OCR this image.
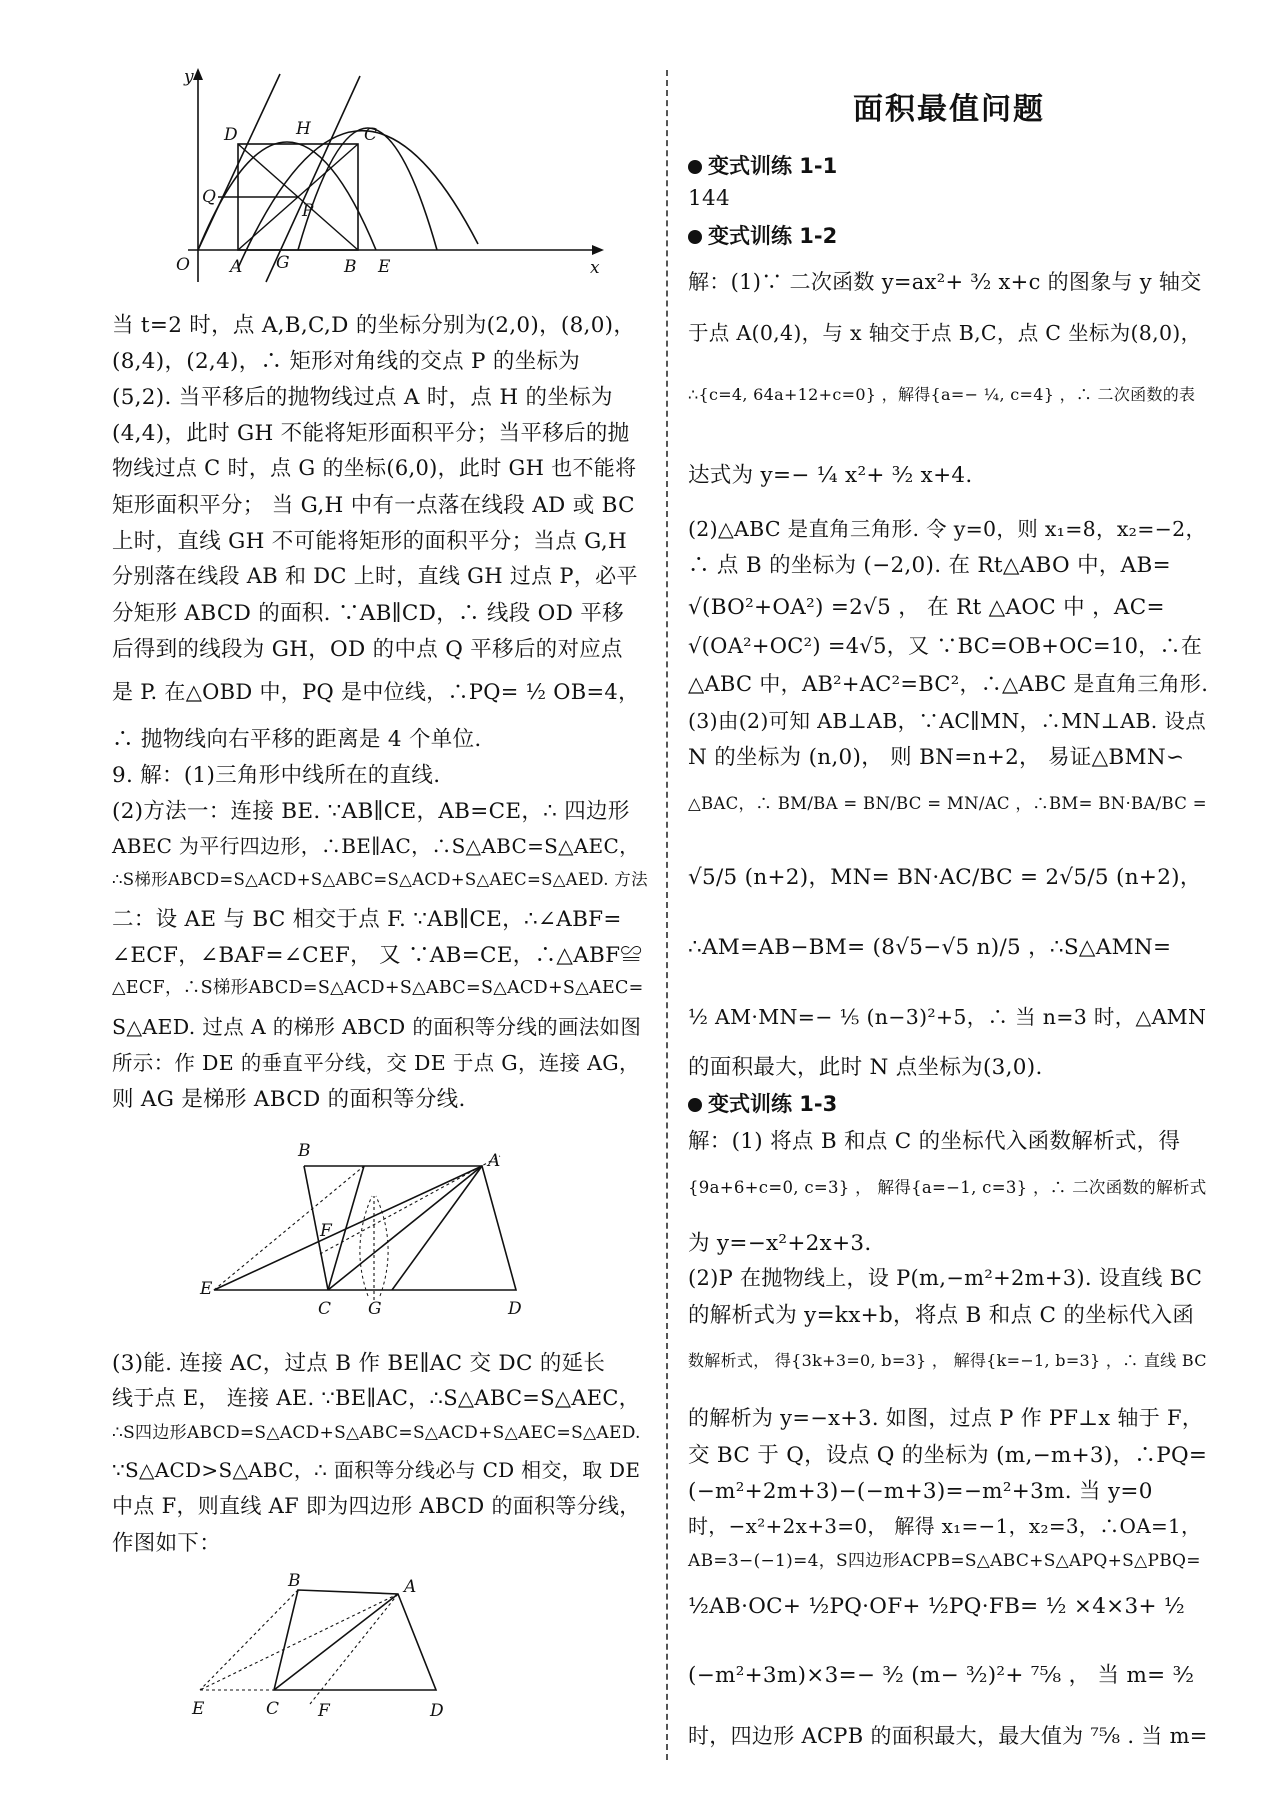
y
x
O A G	B E
D	H	C
Q
P
当 t=2 时，点 A,B,C,D 的坐标分别为(2,0)，(8,0)，
(8,4)，(2,4)，∴ 矩形对角线的交点 P 的坐标为
(5,2). 当平移后的抛物线过点 A 时，点 H 的坐标为
(4,4)，此时 GH 不能将矩形面积平分；当平移后的抛
物线过点 C 时，点 G 的坐标(6,0)，此时 GH 也不能将
矩形面积平分； 当 G,H 中有一点落在线段 AD 或 BC
上时，直线 GH 不可能将矩形的面积平分；当点 G,H
分别落在线段 AB 和 DC 上时，直线 GH 过点 P，必平
分矩形 ABCD 的面积. ∵AB∥CD，∴ 线段 OD 平移
后得到的线段为 GH，OD 的中点 Q 平移后的对应点
是 P. 在△OBD 中，PQ 是中位线，∴PQ= ½ OB=4，
∴ 抛物线向右平移的距离是 4 个单位.
9. 解：(1)三角形中线所在的直线.
(2)方法一：连接 BE. ∵AB∥CE，AB=CE，∴ 四边形
ABEC 为平行四边形，∴BE∥AC，∴S△ABC=S△AEC，
∴S梯形ABCD=S△ACD+S△ABC=S△ACD+S△AEC=S△AED. 方法
二：设 AE 与 BC 相交于点 F. ∵AB∥CE，∴∠ABF=
∠ECF，∠BAF=∠CEF， 又 ∵AB=CE，∴△ABF≌
△ECF，∴S梯形ABCD=S△ACD+S△ABC=S△ACD+S△AEC=
S△AED. 过点 A 的梯形 ABCD 的面积等分线的画法如图
所示：作 DE 的垂直平分线，交 DE 于点 G，连接 AG，
则 AG 是梯形 ABCD 的面积等分线.
B	A
F
E
C G	D
(3)能. 连接 AC，过点 B 作 BE∥AC 交 DC 的延长
线于点 E， 连接 AE. ∵BE∥AC，∴S△ABC=S△AEC，
∴S四边形ABCD=S△ACD+S△ABC=S△ACD+S△AEC=S△AED.
∵S△ACD>S△ABC，∴ 面积等分线必与 CD 相交，取 DE
中点 F，则直线 AF 即为四边形 ABCD 的面积等分线，
作图如下：
B	A
E	C F	D
面积最值问题
变式训练 1-1
144
变式训练 1-2
解：(1)∵ 二次函数 y=ax²+ ³⁄₂ x+c 的图象与 y 轴交
于点 A(0,4)，与 x 轴交于点 B,C，点 C 坐标为(8,0)，
∴{c=4, 64a+12+c=0} ，解得{a=− ¼, c=4} ，∴ 二次函数的表
达式为 y=− ¼ x²+ ³⁄₂ x+4.
(2)△ABC 是直角三角形. 令 y=0，则 x₁=8，x₂=−2，
∴ 点 B 的坐标为 (−2,0). 在 Rt△ABO 中，AB=
√(BO²+OA²) =2√5 ， 在 Rt △AOC 中 ，AC=
√(OA²+OC²) =4√5，又 ∵BC=OB+OC=10，∴在
△ABC 中，AB²+AC²=BC²，∴△ABC 是直角三角形.
(3)由(2)可知 AB⊥AB，∵AC∥MN，∴MN⊥AB. 设点
N 的坐标为 (n,0)， 则 BN=n+2， 易证△BMN∽
△BAC，∴ BM/BA = BN/BC = MN/AC ，∴BM= BN·BA/BC =
√5/5 (n+2)，MN= BN·AC/BC = 2√5/5 (n+2)，
∴AM=AB−BM= (8√5−√5 n)/5 ，∴S△AMN=
½ AM·MN=− ⅕ (n−3)²+5，∴ 当 n=3 时，△AMN
的面积最大，此时 N 点坐标为(3,0).
变式训练 1-3
解：(1) 将点 B 和点 C 的坐标代入函数解析式，得
{9a+6+c=0, c=3} ， 解得{a=−1, c=3} ，∴ 二次函数的解析式
为 y=−x²+2x+3.
(2)P 在抛物线上，设 P(m,−m²+2m+3). 设直线 BC
的解析式为 y=kx+b，将点 B 和点 C 的坐标代入函
数解析式， 得{3k+3=0, b=3} ， 解得{k=−1, b=3} ，∴ 直线 BC
的解析为 y=−x+3. 如图，过点 P 作 PF⊥x 轴于 F，
交 BC 于 Q，设点 Q 的坐标为 (m,−m+3)，∴PQ=
(−m²+2m+3)−(−m+3)=−m²+3m. 当 y=0
时，−x²+2x+3=0， 解得 x₁=−1，x₂=3，∴OA=1，
AB=3−(−1)=4，S四边形ACPB=S△ABC+S△APQ+S△PBQ=
½AB·OC+ ½PQ·OF+ ½PQ·FB= ½ ×4×3+ ½
(−m²+3m)×3=− ³⁄₂ (m− ³⁄₂)²+ ⁷⁵⁄₈ ， 当 m= ³⁄₂
时，四边形 ACPB 的面积最大，最大值为 ⁷⁵⁄₈ . 当 m=
